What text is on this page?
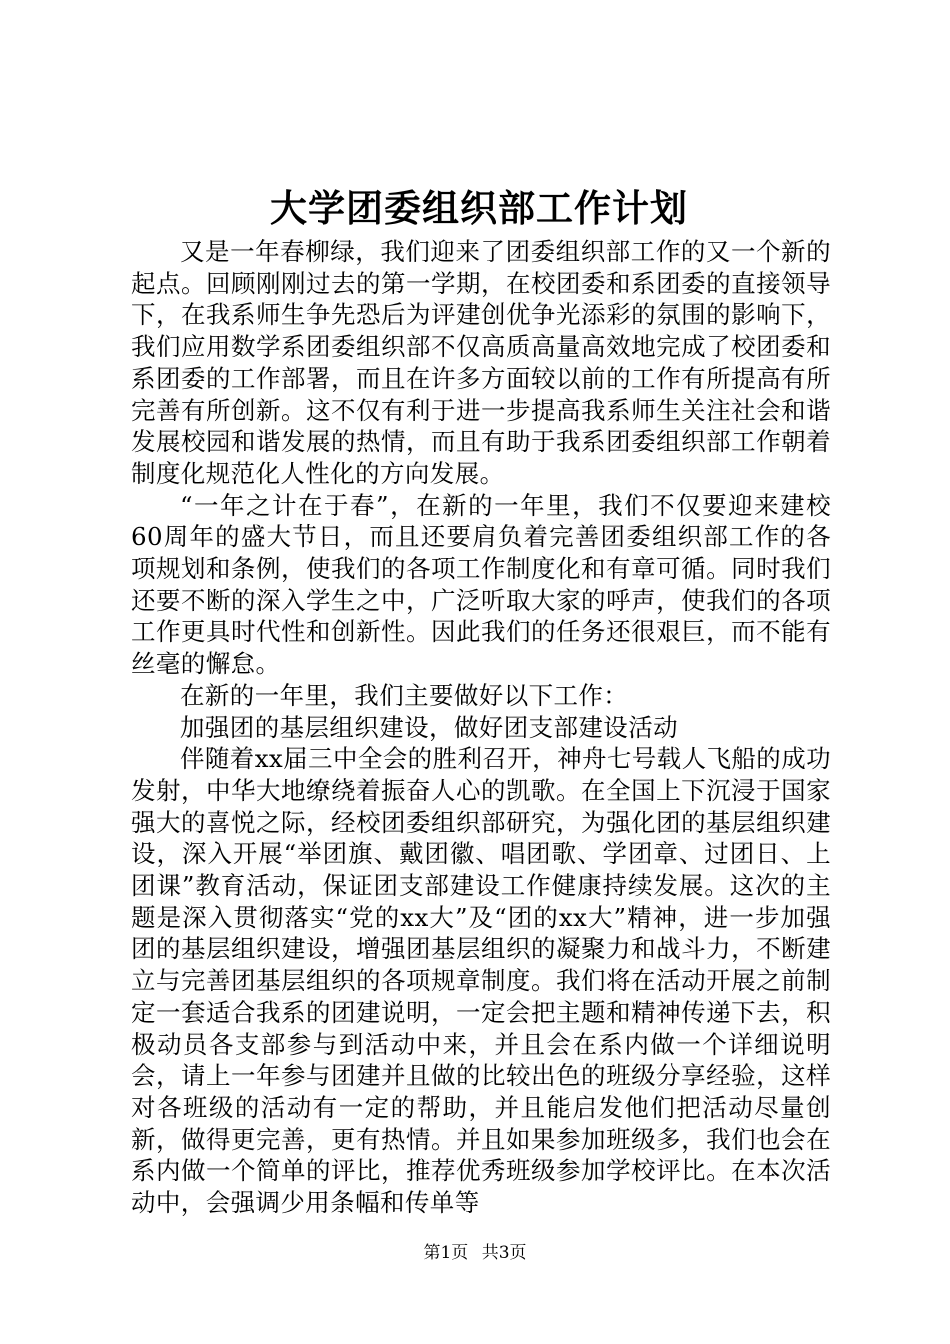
大学团委组织部工作计划

又是一年春柳绿，我们迎来了团委组织部工作的又一个新的起点。回顾刚刚过去的第一学期，在校团委和系团委的直接领导下，在我系师生争先恐后为评建创优争光添彩的氛围的影响下，我们应用数学系团委组织部不仅高质高量高效地完成了校团委和系团委的工作部署，而且在许多方面较以前的工作有所提高有所完善有所创新。这不仅有利于进一步提高我系师生关注社会和谐发展校园和谐发展的热情，而且有助于我系团委组织部工作朝着制度化规范化人性化的方向发展。

“一年之计在于春”，在新的一年里，我们不仅要迎来建校60周年的盛大节日，而且还要肩负着完善团委组织部工作的各项规划和条例，使我们的各项工作制度化和有章可循。同时我们还要不断的深入学生之中，广泛听取大家的呼声，使我们的各项工作更具时代性和创新性。因此我们的任务还很艰巨，而不能有丝毫的懈怠。

在新的一年里，我们主要做好以下工作：

加强团的基层组织建设，做好团支部建设活动

伴随着xx届三中全会的胜利召开，神舟七号载人飞船的成功发射，中华大地缭绕着振奋人心的凯歌。在全国上下沉浸于国家强大的喜悦之际，经校团委组织部研究，为强化团的基层组织建设，深入开展“举团旗、戴团徽、唱团歌、学团章、过团日、上团课”教育活动，保证团支部建设工作健康持续发展。这次的主题是深入贯彻落实“党的xx大”及“团的xx大”精神，进一步加强团的基层组织建设，增强团基层组织的凝聚力和战斗力，不断建立与完善团基层组织的各项规章制度。我们将在活动开展之前制定一套适合我系的团建说明，一定会把主题和精神传递下去，积极动员各支部参与到活动中来，并且会在系内做一个详细说明会，请上一年参与团建并且做的比较出色的班级分享经验，这样对各班级的活动有一定的帮助，并且能启发他们把活动尽量创新，做得更完善，更有热情。并且如果参加班级多，我们也会在系内做一个简单的评比，推荐优秀班级参加学校评比。在本次活动中，会强调少用条幅和传单等

第1页 共3页
